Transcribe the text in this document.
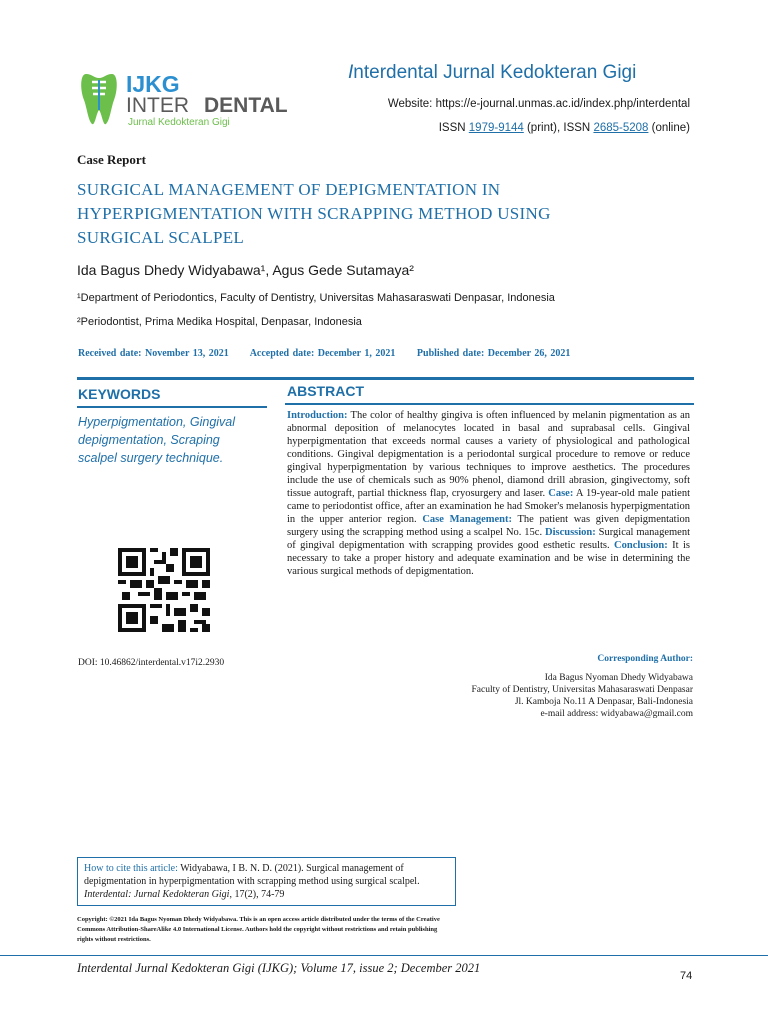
IJKG
INTER DENTAL
Jurnal Kedokteran Gigi
Interdental Jurnal Kedokteran Gigi
Website: https://e-journal.unmas.ac.id/index.php/interdental
ISSN 1979-9144 (print), ISSN 2685-5208 (online)
Case Report
SURGICAL MANAGEMENT OF DEPIGMENTATION IN HYPERPIGMENTATION WITH SCRAPPING METHOD USING SURGICAL SCALPEL
Ida Bagus Dhedy Widyabawa¹, Agus Gede Sutamaya²
¹Department of Periodontics, Faculty of Dentistry, Universitas Mahasaraswati Denpasar, Indonesia
²Periodontist, Prima Medika Hospital, Denpasar, Indonesia
Received date: November 13, 2021 Accepted date: December 1, 2021 Published date: December 26, 2021
KEYWORDS
Hyperpigmentation, Gingival depigmentation, Scraping scalpel surgery technique.
DOI: 10.46862/interdental.v17i2.2930
ABSTRACT
Introduction: The color of healthy gingiva is often influenced by melanin pigmentation as an abnormal deposition of melanocytes located in basal and suprabasal cells. Gingival hyperpigmentation that exceeds normal causes a variety of physiological and pathological conditions. Gingival depigmentation is a periodontal surgical procedure to remove or reduce gingival hyperpigmentation by various techniques to improve aesthetics. The procedures include the use of chemicals such as 90% phenol, diamond drill abrasion, gingivectomy, soft tissue autograft, partial thickness flap, cryosurgery and laser. Case: A 19-year-old male patient came to periodontist office, after an examination he had Smoker's melanosis hyperpigmentation in the upper anterior region. Case Management: The patient was given depigmentation surgery using the scrapping method using a scalpel No. 15c. Discussion: Surgical management of gingival depigmentation with scrapping provides good esthetic results. Conclusion: It is necessary to take a proper history and adequate examination and be wise in determining the various surgical methods of depigmentation.
Corresponding Author:
Ida Bagus Nyoman Dhedy Widyabawa
Faculty of Dentistry, Universitas Mahasaraswati Denpasar
Jl. Kamboja No.11 A Denpasar, Bali-Indonesia
e-mail address: widyabawa@gmail.com
How to cite this article: Widyabawa, I B. N. D. (2021). Surgical management of depigmentation in hyperpigmentation with scrapping method using surgical scalpel. Interdental: Jurnal Kedokteran Gigi, 17(2), 74-79
Copyright: ©2021 Ida Bagus Nyoman Dhedy Widyabawa. This is an open access article distributed under the terms of the Creative Commons Attribution-ShareAlike 4.0 International License. Authors hold the copyright without restrictions and retain publishing rights without restrictions.
Interdental Jurnal Kedokteran Gigi (IJKG); Volume 17, issue 2; December 2021
74
